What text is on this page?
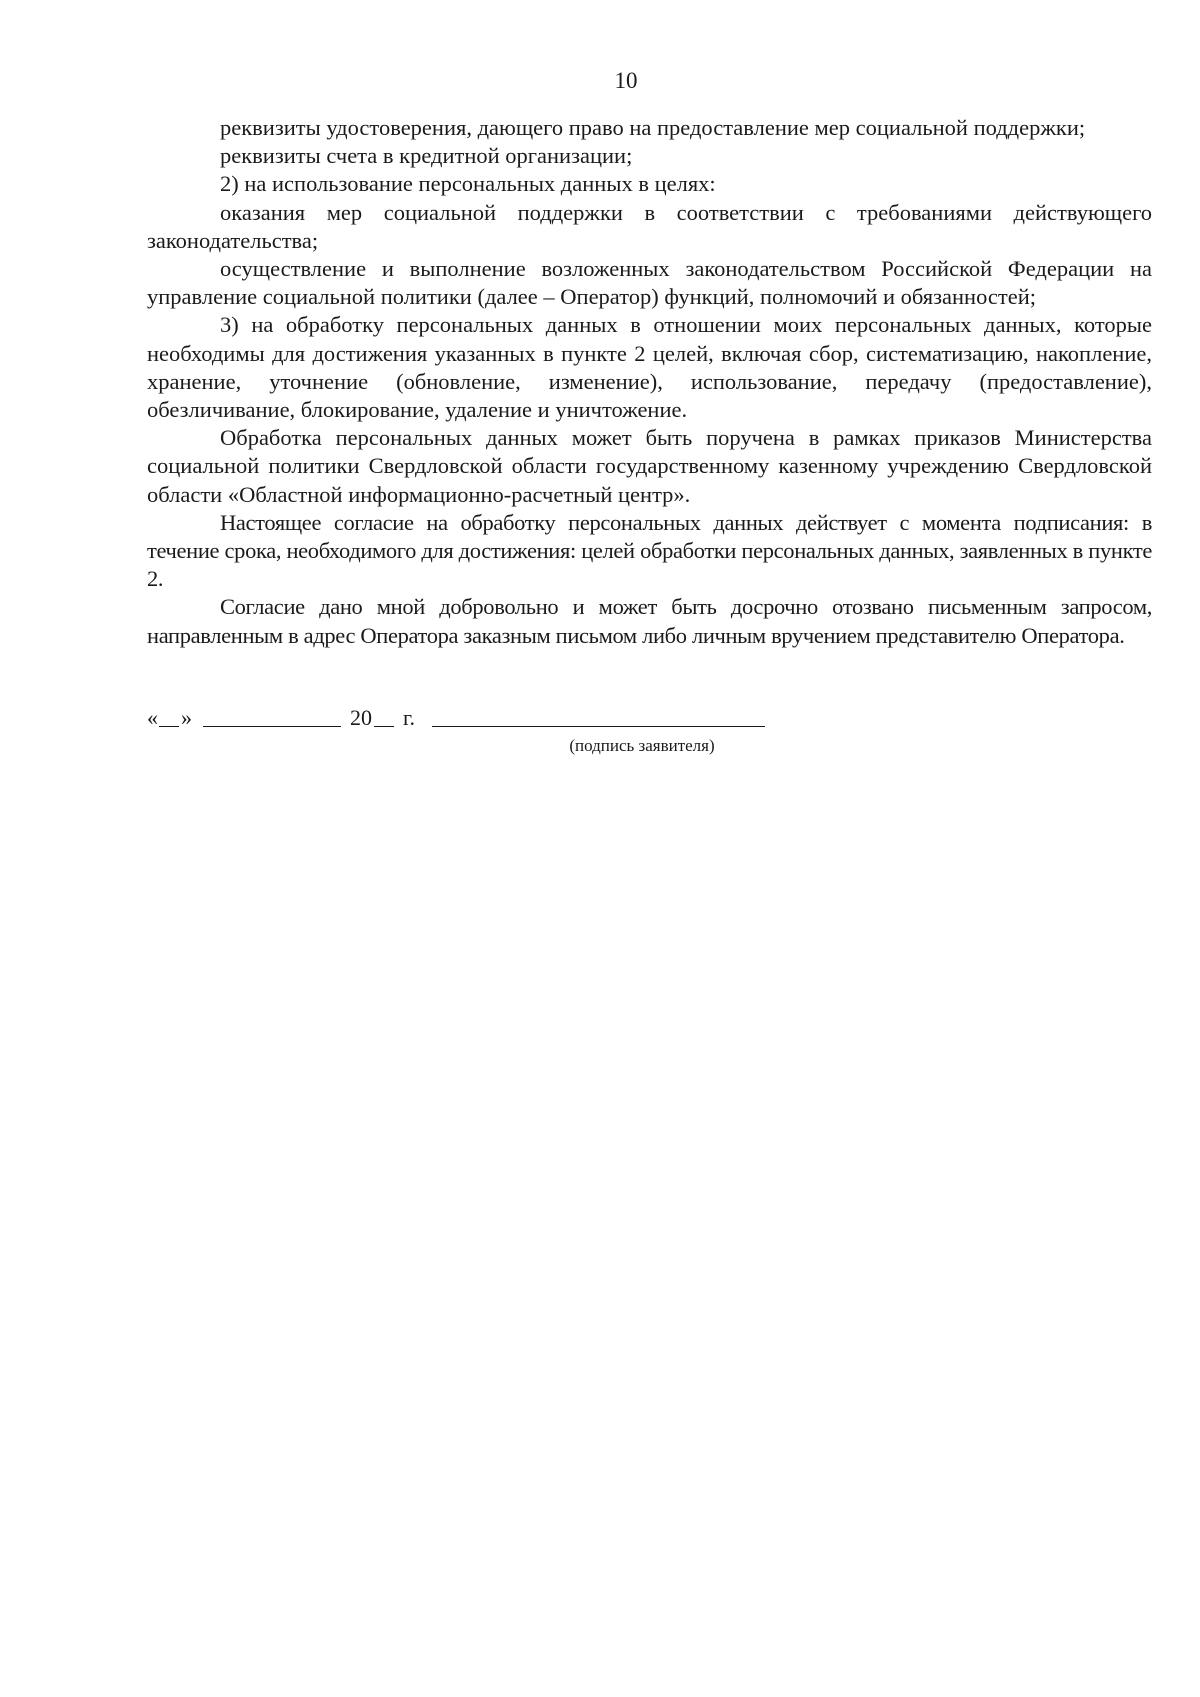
10

реквизиты удостоверения, дающего право на предоставление мер социальной поддержки;

реквизиты счета в кредитной организации;

2) на использование персональных данных в целях:

оказания мер социальной поддержки в соответствии с требованиями действующего законодательства;

осуществление и выполнение возложенных законодательством Российской Федерации на управление социальной политики (далее – Оператор) функций, полномочий и обязанностей;

3) на обработку персональных данных в отношении моих персональных данных, которые необходимы для достижения указанных в пункте 2 целей, включая сбор, систематизацию, накопление, хранение, уточнение (обновление, изменение), использование, передачу (предоставление), обезличивание, блокирование, удаление и уничтожение.

Обработка персональных данных может быть поручена в рамках приказов Министерства социальной политики Свердловской области государственному казенному учреждению Свердловской области «Областной информационно-расчетный центр».

Настоящее согласие на обработку персональных данных действует с момента подписания: в течение срока, необходимого для достижения: целей обработки персональных данных, заявленных в пункте 2.

Согласие дано мной добровольно и может быть досрочно отозвано письменным запросом, направленным в адрес Оператора заказным письмом либо личным вручением представителю Оператора.

« »	20 г.
(подпись заявителя)
